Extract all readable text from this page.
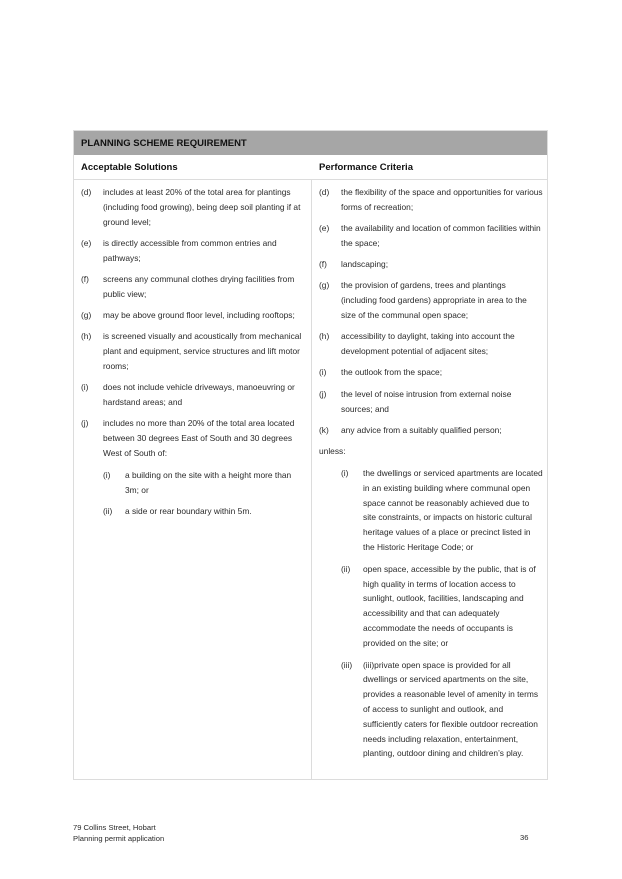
PLANNING SCHEME REQUIREMENT
Acceptable Solutions	Performance Criteria
(d) includes at least 20% of the total area for plantings (including food growing), being deep soil planting if at ground level;
(e) is directly accessible from common entries and pathways;
(f) screens any communal clothes drying facilities from public view;
(g) may be above ground floor level, including rooftops;
(h) is screened visually and acoustically from mechanical plant and equipment, service structures and lift motor rooms;
(i) does not include vehicle driveways, manoeuvring or hardstand areas; and
(j) includes no more than 20% of the total area located between 30 degrees East of South and 30 degrees West of South of:
(i) a building on the site with a height more than 3m; or
(ii) a side or rear boundary within 5m.
(d) the flexibility of the space and opportunities for various forms of recreation;
(e) the availability and location of common facilities within the space;
(f) landscaping;
(g) the provision of gardens, trees and plantings (including food gardens) appropriate in area to the size of the communal open space;
(h) accessibility to daylight, taking into account the development potential of adjacent sites;
(i) the outlook from the space;
(j) the level of noise intrusion from external noise sources; and
(k) any advice from a suitably qualified person;
unless:
(i) the dwellings or serviced apartments are located in an existing building where communal open space cannot be reasonably achieved due to site constraints, or impacts on historic cultural heritage values of a place or precinct listed in the Historic Heritage Code; or
(ii) open space, accessible by the public, that is of high quality in terms of location access to sunlight, outlook, facilities, landscaping and accessibility and that can adequately accommodate the needs of occupants is provided on the site; or
(iii) (iii)private open space is provided for all dwellings or serviced apartments on the site, provides a reasonable level of amenity in terms of access to sunlight and outlook, and sufficiently caters for flexible outdoor recreation needs including relaxation, entertainment, planting, outdoor dining and children’s play.
79 Collins Street, Hobart
Planning permit application	36
